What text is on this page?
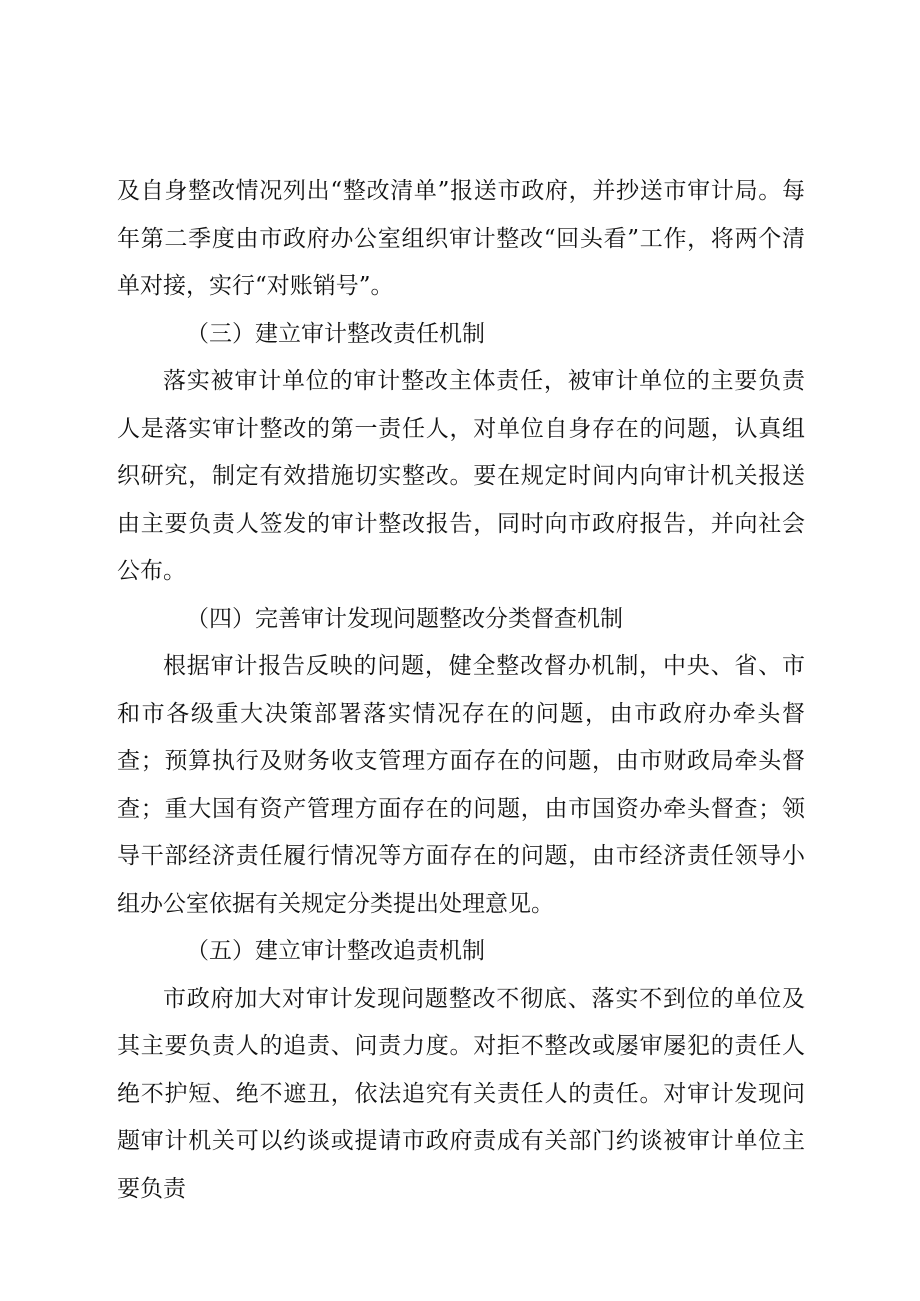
及自身整改情况列出“整改清单”报送市政府，并抄送市审计局。每年第二季度由市政府办公室组织审计整改“回头看”工作，将两个清单对接，实行“对账销号”。

（三）建立审计整改责任机制

落实被审计单位的审计整改主体责任，被审计单位的主要负责人是落实审计整改的第一责任人，对单位自身存在的问题，认真组织研究，制定有效措施切实整改。要在规定时间内向审计机关报送由主要负责人签发的审计整改报告，同时向市政府报告，并向社会公布。

（四）完善审计发现问题整改分类督查机制

根据审计报告反映的问题，健全整改督办机制，中央、省、市和市各级重大决策部署落实情况存在的问题，由市政府办牵头督查；预算执行及财务收支管理方面存在的问题，由市财政局牵头督查；重大国有资产管理方面存在的问题，由市国资办牵头督查；领导干部经济责任履行情况等方面存在的问题，由市经济责任领导小组办公室依据有关规定分类提出处理意见。

（五）建立审计整改追责机制

市政府加大对审计发现问题整改不彻底、落实不到位的单位及其主要负责人的追责、问责力度。对拒不整改或屡审屡犯的责任人绝不护短、绝不遮丑，依法追究有关责任人的责任。对审计发现问题审计机关可以约谈或提请市政府责成有关部门约谈被审计单位主要负责
